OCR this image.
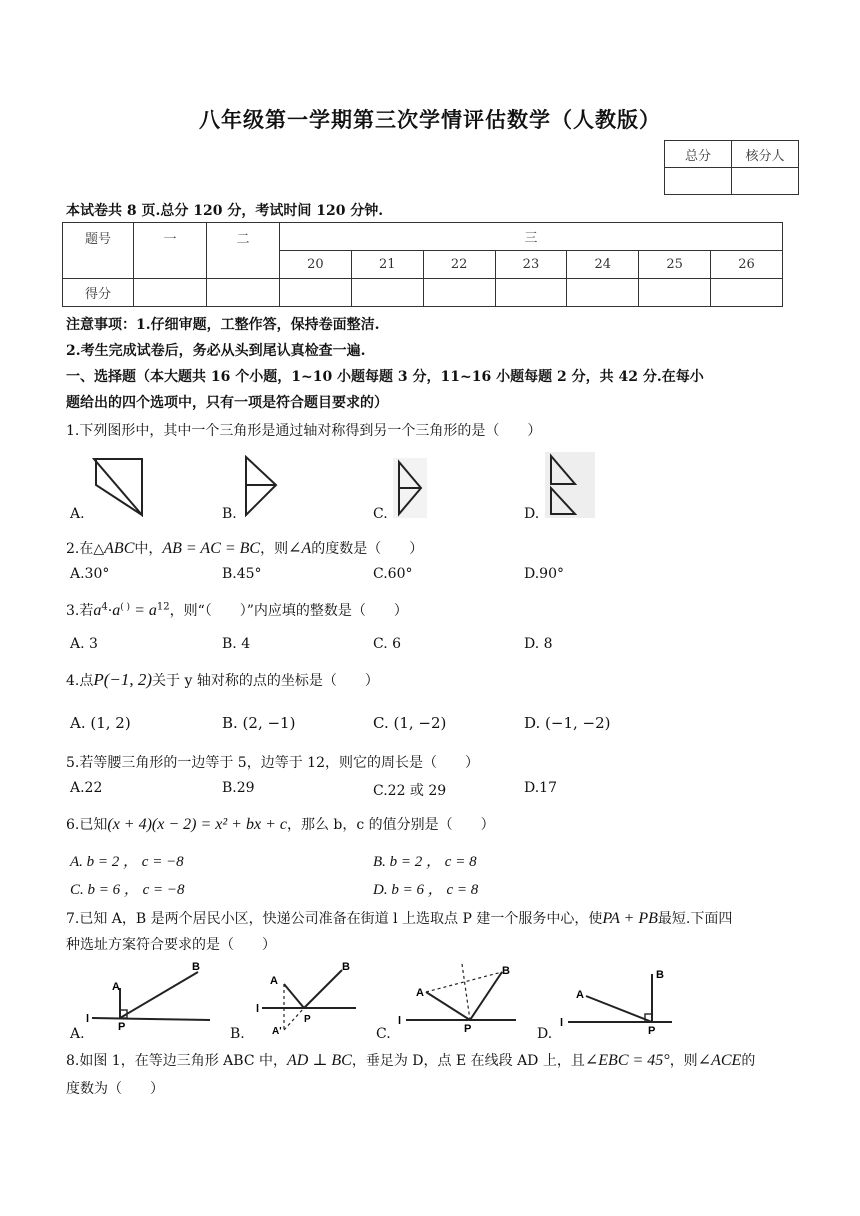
八年级第一学期第三次学情评估数学（人教版）
总分	核分人

本试卷共 8 页.总分 120 分，考试时间 120 分钟.
题号	一	二	三						
			20	21	22	23	24	25	26
得分									
注意事项：1.仔细审题，工整作答，保持卷面整洁.
2.考生完成试卷后，务必从头到尾认真检查一遍.
一、选择题（本大题共 16 个小题，1~10 小题每题 3 分，11~16 小题每题 2 分，共 42 分.在每小
题给出的四个选项中，只有一项是符合题目要求的）
1.下列图形中，其中一个三角形是通过轴对称得到另一个三角形的是（　　）
A.	B.	C.	D.
2.在△ABC中，AB = AC = BC，则∠A的度数是（　　）
A.30°	B.45°	C.60°	D.90°
3.若$a^4\cdot a^{( )} = a^{12}$，则“（　　）”内应填的整数是（　　）
A. 3	B. 4	C. 6	D. 8
4.点P(−1, 2)关于 y 轴对称的点的坐标是（　　）
A. (1, 2)	B. (2, −1)	C. (1, −2)	D. (−1, −2)
5.若等腰三角形的一边等于 5，边等于 12，则它的周长是（　　）
A.22	B.29	C.22 或 29	D.17
6.已知(x + 4)(x − 2) = x² + bx + c，那么 b，c 的值分别是（　　）
A. b = 2 ， c = −8	B. b = 2 ， c = 8
C. b = 6 ， c = −8	D. b = 6 ， c = 8
7.已知 A，B 是两个居民小区，快递公司准备在街道 l 上选取点 P 建一个服务中心，使PA + PB最短.下面四
种选址方案符合要求的是（　　）
A
B
P
l
A
B
P
l
A'
A
B
P
l
A
B
P
l
A.	B.	C.	D.
8.如图 1，在等边三角形 ABC 中，AD ⊥ BC，垂足为 D，点 E 在线段 AD 上，且∠EBC = 45°，则∠ACE的
度数为（　　）
